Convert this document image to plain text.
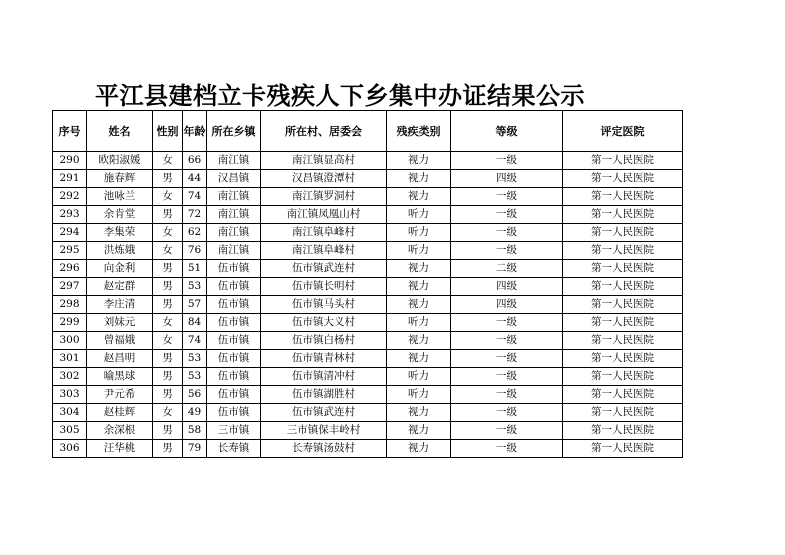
平江县建档立卡残疾人下乡集中办证结果公示
序号	姓名	性别	年龄	所在乡镇	所在村、居委会	残疾类别	等级	评定医院
290	欧阳淑媛	女	66	南江镇	南江镇显高村	视力	一级	第一人民医院
291	施春辉	男	44	汉昌镇	汉昌镇澄潭村	视力	四级	第一人民医院
292	池咏兰	女	74	南江镇	南江镇罗洞村	视力	一级	第一人民医院
293	余肯堂	男	72	南江镇	南江镇凤凰山村	听力	一级	第一人民医院
294	李集荣	女	62	南江镇	南江镇阜峰村	听力	一级	第一人民医院
295	洪炼娥	女	76	南江镇	南江镇阜峰村	听力	一级	第一人民医院
296	向金利	男	51	伍市镇	伍市镇武连村	视力	二级	第一人民医院
297	赵定群	男	53	伍市镇	伍市镇长明村	视力	四级	第一人民医院
298	李庄清	男	57	伍市镇	伍市镇马头村	视力	四级	第一人民医院
299	刘妹元	女	84	伍市镇	伍市镇大义村	听力	一级	第一人民医院
300	曾福娥	女	74	伍市镇	伍市镇白杨村	视力	一级	第一人民医院
301	赵昌明	男	53	伍市镇	伍市镇青林村	视力	一级	第一人民医院
302	喻黑球	男	53	伍市镇	伍市镇清冲村	听力	一级	第一人民医院
303	尹元希	男	56	伍市镇	伍市镇湖胜村	听力	一级	第一人民医院
304	赵桂辉	女	49	伍市镇	伍市镇武连村	视力	一级	第一人民医院
305	余深根	男	58	三市镇	三市镇保丰岭村	视力	一级	第一人民医院
306	汪华桃	男	79	长寿镇	长寿镇汤鼓村	视力	一级	第一人民医院
